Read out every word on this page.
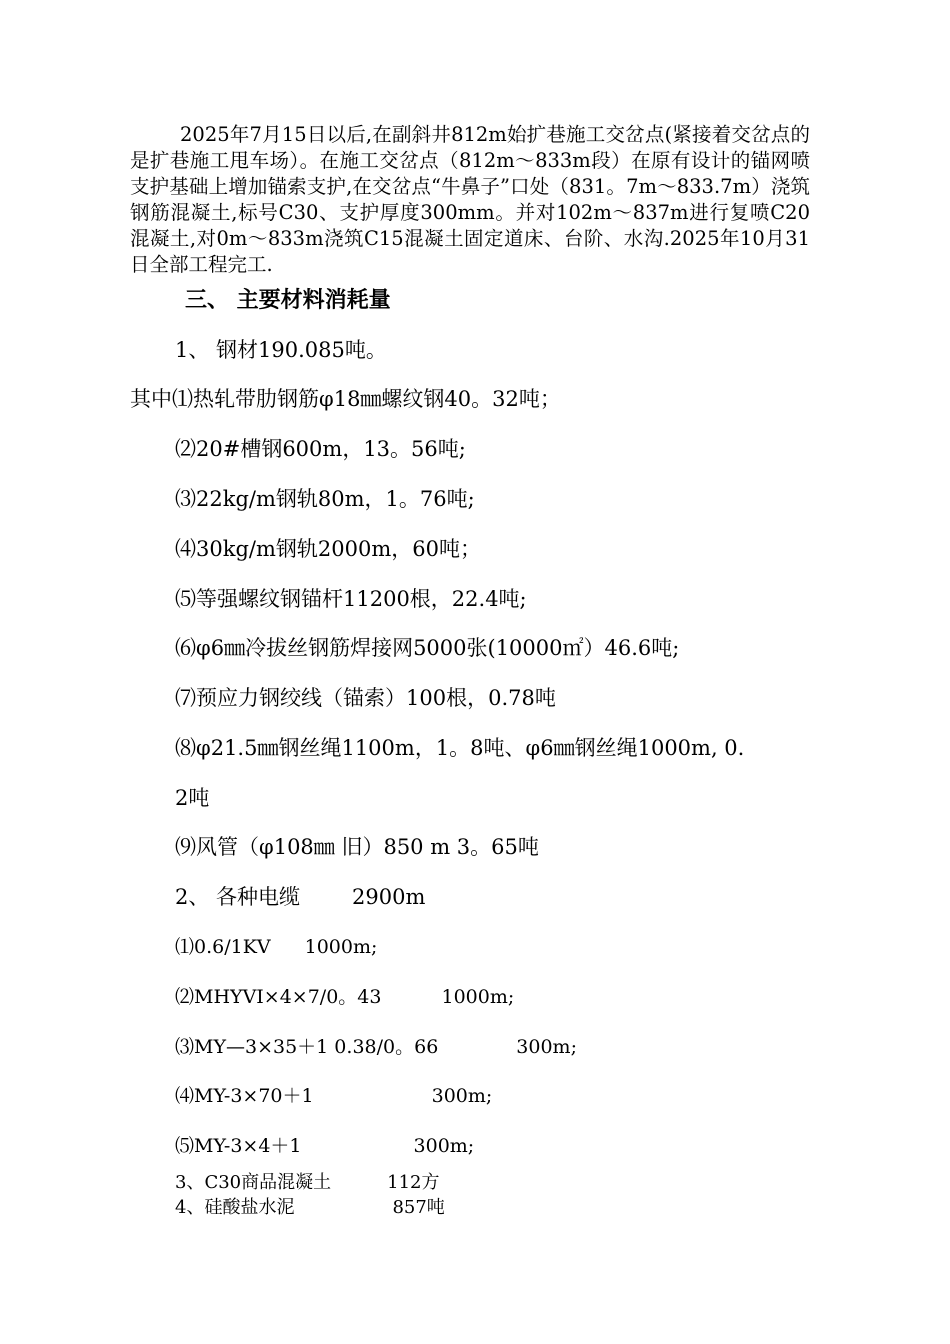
2025年7月15日以后,在副斜井812m始扩巷施工交岔点(紧接着交岔点的是扩巷施工甩车场）。在施工交岔点（812m～833m段）在原有设计的锚网喷支护基础上增加锚索支护,在交岔点“牛鼻子”口处（831。7m～833.7m）浇筑钢筋混凝土,标号C30、支护厚度300mm。并对102m～837m进行复喷C20混凝土,对0m～833m浇筑C15混凝土固定道床、台阶、水沟.2025年10月31日全部工程完工.

三、 主要材料消耗量
1、 钢材190.085吨。
其中⑴热轧带肋钢筋φ18㎜螺纹钢40。32吨；
⑵20#槽钢600m，13。56吨;
⑶22kg/m钢轨80m，1。76吨;
⑷30kg/m钢轨2000m，60吨；
⑸等强螺纹钢锚杆11200根，22.4吨;
⑹φ6㎜冷拔丝钢筋焊接网5000张(10000㎡）46.6吨;
⑺预应力钢绞线（锚索）100根，0.78吨
⑻φ21.5㎜钢丝绳1100m，1。8吨、φ6㎜钢丝绳1000m, 0.
2吨
⑼风管（φ108㎜ 旧）850 m 3。65吨
2、 各种电缆 2900m
⑴0.6/1KV 1000m;
⑵MHYVI×4×7/0。43	1000m;
⑶MY—3×35＋1 0.38/0。66	300m;
⑷MY-3×70＋1	300m;
⑸MY-3×4＋1	300m;
3、C30商品混凝土	112方
4、硅酸盐水泥	857吨
